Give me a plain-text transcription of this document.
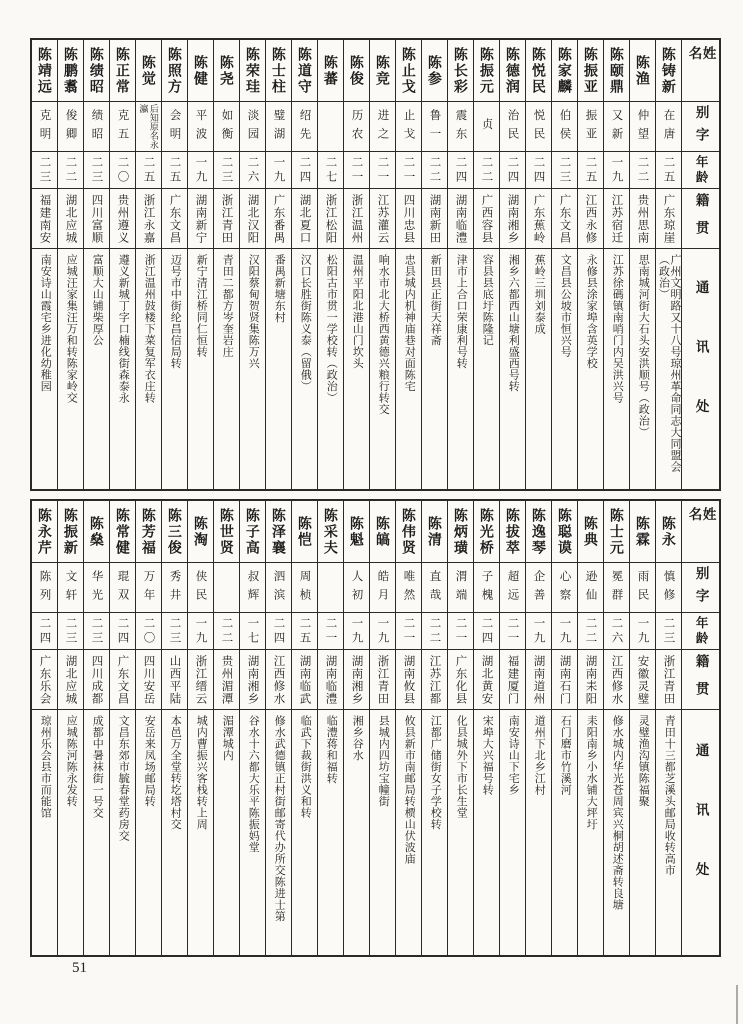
姓名
别字
年龄
籍贯
通讯处
陈铸新
在唐
二五
广东琼崖
广州文明路又十八号琼州革命同志大同盟会（政治）
陈渔
仲望
二二
贵州思南
思南城河街大石头安洪顺号（政治）
陈颐鼎
又新
一九
江苏宿迁
江苏徐碼镇南哨门内吴洪兴号
陈振亚
振亚
二五
江西永修
永修县涂家埠含英学校
陈家麟
伯侯
二三
广东文昌
文昌县公坡市恒兴号
陈悦民
悦民
二四
广东蕉岭
蕉岭三圳刘泰成
陈德润
治民
二四
湖南湘乡
湘乡六都西山塘利盛西号转
陈振元
贞
二二
广西容县
容县县底圩陈隆记
陈长彩
震东
二四
湖南临澧
津市上合口荣康利号转
陈参
鲁一
二二
湖南新田
新田县正街天祥斋
陈止戈
止戈
二一
四川忠县
忠县城内机神庙巷对面陈宅
陈竞
进之
二一
江苏灌云
响水市北大桥西黄德兴粮行转交
陈俊
历农
二一
浙江温州
温州平阳北港山门坎头
陈蕃
二七
浙江松阳
松阳古市贯一学校转（政治）
陈道守
绍先
二四
湖北夏口
汉口长胜街陈义泰（留俄）
陈士柱
璧湖
一九
广东番禺
番禺新塘东村
陈荣珪
淡园
二六
湖北汉阳
汉阳蔡甸贺贤集陈万兴
陈尧
如衡
二三
浙江青田
青田二都方岑奎岩庄
陈健
平波
一九
湖南新宁
新宁清江桥同仁恒转
陈照方
会明
二五
广东文昌
迈号市中街纶昌信局转
陈觉
后知原名永瀛
二五
浙江永嘉
浙江温州鼓楼下菜复军衣庄转
陈正常
克五
二〇
贵州遵义
遵义新城丁字口楠线街森泰永
陈绩昭
绩昭
二三
四川富顺
富顺大山铺柴厚公
陈鹏翥
俊卿
二二
湖北应城
应城汪家集汪万和转陈家岭交
陈靖远
克明
二三
福建南安
南安诗山霞宅乡进化幼稚园
姓名
别字
年龄
籍贯
通讯处
陈永
慎修
二三
浙江青田
青田十三都芝溪头邮局收转高市
陈霖
雨民
一九
安徽灵璧
灵璧渔沟镇陈福聚
陈士元
冕群
二六
江西修水
修水城内华光苍周宾兴桐胡述斋转良塘
陈典
逊仙
二二
湖南耒阳
耒阳南乡小水铺大坪圩
陈聪谟
心察
一九
湖南石门
石门磨市竹溪河
陈逸琴
企善
一九
湖南道州
道州下北乡江村
陈拔萃
超远
二一
福建厦门
南安诗山下宅乡
陈光桥
子槐
二四
湖北黄安
宋埠大兴福号转
陈炳璜
渭端
二一
广东化县
化县城外下市长生堂
陈清
直哉
二二
江苏江都
江都广储街女子学校转
陈伟贤
唯然
二一
湖南攸县
攸县新市南邮局转槚山伏波庙
陈皜
皓月
一九
浙江青田
县城内四坊宝幢街
陈魁
人初
一九
湖南湘乡
湘乡谷水
陈采夫
二一
湖南临澧
临澧蒋和福转
陈恺
周桢
二五
湖南临武
临武下裁街洪义和转
陈泽襄
泗滨
二四
江西修水
修水武德镇正村街邮寄代办所交陈进士第
陈子高
叔辉
一七
湖南湘乡
谷水十六都大乐平陈振妈堂
陈世贤
二二
贵州湄潭
湄潭城内
陈淘
侠民
一九
浙江缙云
城内曹振兴客栈转上周
陈三俊
秀井
二三
山西平陆
本邑万全堂转圪塔村交
陈芳福
万年
二〇
四川安岳
安岳来凤场邮局转
陈常健
琨双
二四
广东文昌
文昌东郊市毓春堂药房交
陈燊
华光
二三
四川成都
成都中暑袜街一号交
陈振新
文轩
二三
湖北应城
应城陈河陈永发转
陈永芹
陈列
二四
广东乐会
琼州乐会县市而能馆
51
